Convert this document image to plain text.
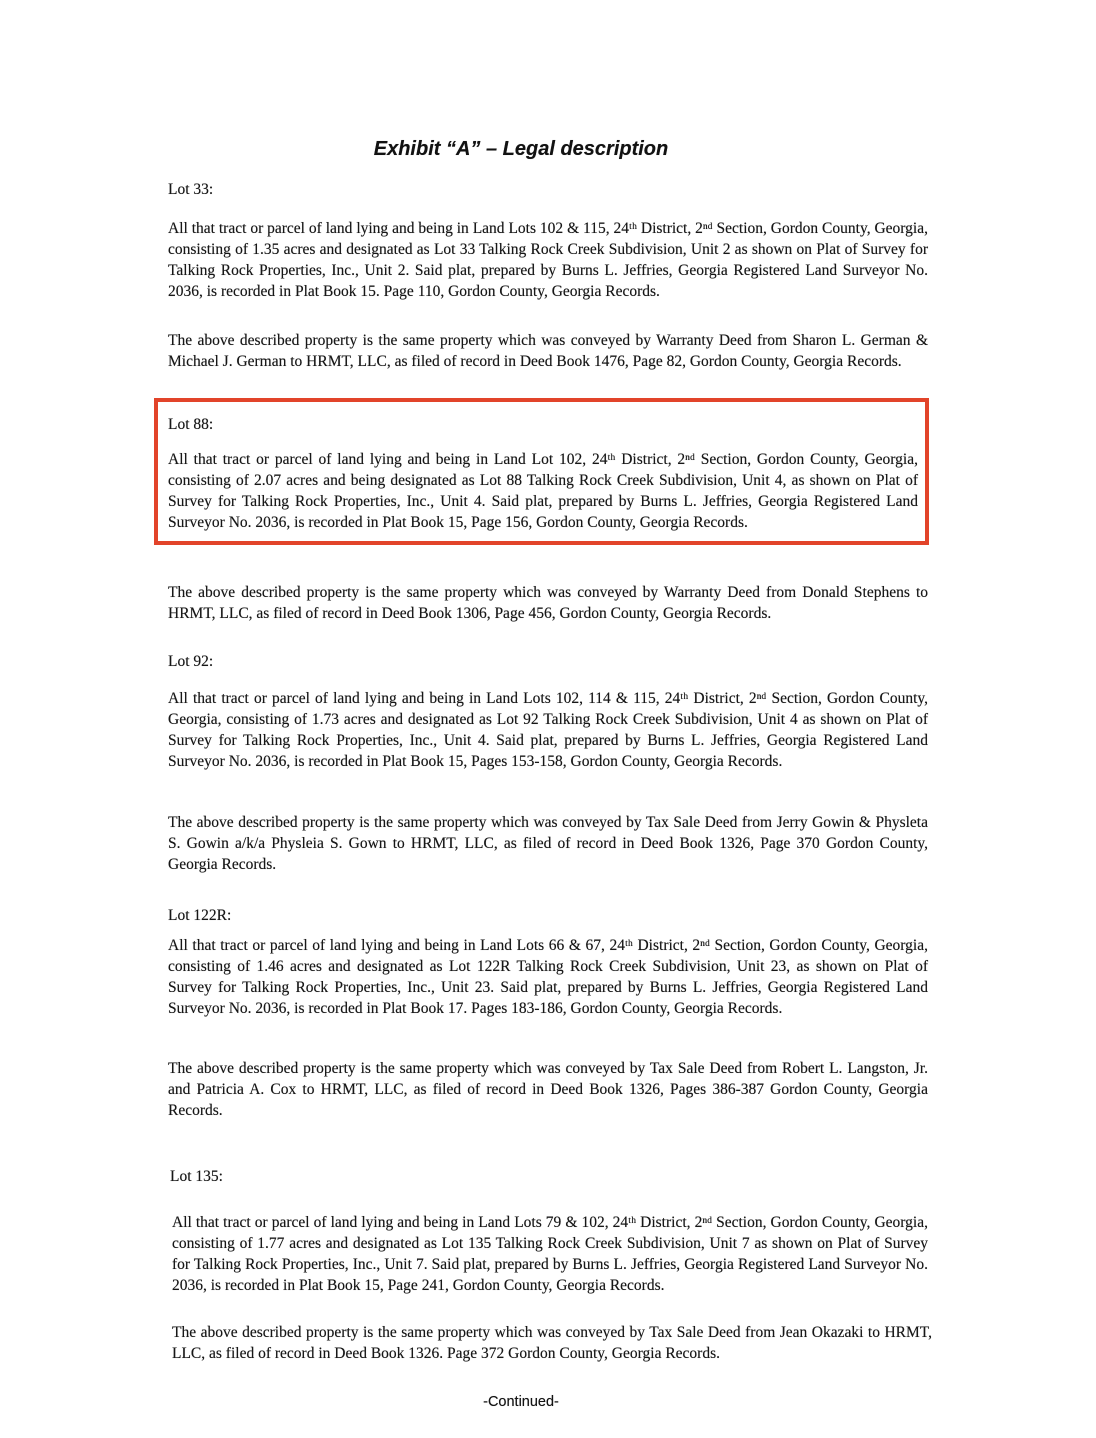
Exhibit “A” – Legal description
Lot 33:

All that tract or parcel of land lying and being in Land Lots 102 & 115, 24ᵗʰ District, 2ⁿᵈ Section, Gordon County, Georgia, consisting of 1.35 acres and designated as Lot 33 Talking Rock Creek Subdivision, Unit 2 as shown on Plat of Survey for Talking Rock Properties, Inc., Unit 2. Said plat, prepared by Burns L. Jeffries, Georgia Registered Land Surveyor No. 2036, is recorded in Plat Book 15. Page 110, Gordon County, Georgia Records.

The above described property is the same property which was conveyed by Warranty Deed from Sharon L. German & Michael J. German to HRMT, LLC, as filed of record in Deed Book 1476, Page 82, Gordon County, Georgia Records.

Lot 88:

All that tract or parcel of land lying and being in Land Lot 102, 24ᵗʰ District, 2ⁿᵈ Section, Gordon County, Georgia, consisting of 2.07 acres and being designated as Lot 88 Talking Rock Creek Subdivision, Unit 4, as shown on Plat of Survey for Talking Rock Properties, Inc., Unit 4. Said plat, prepared by Burns L. Jeffries, Georgia Registered Land Surveyor No. 2036, is recorded in Plat Book 15, Page 156, Gordon County, Georgia Records.

The above described property is the same property which was conveyed by Warranty Deed from Donald Stephens to HRMT, LLC, as filed of record in Deed Book 1306, Page 456, Gordon County, Georgia Records.

Lot 92:

All that tract or parcel of land lying and being in Land Lots 102, 114 & 115, 24ᵗʰ District, 2ⁿᵈ Section, Gordon County, Georgia, consisting of 1.73 acres and designated as Lot 92 Talking Rock Creek Subdivision, Unit 4 as shown on Plat of Survey for Talking Rock Properties, Inc., Unit 4. Said plat, prepared by Burns L. Jeffries, Georgia Registered Land Surveyor No. 2036, is recorded in Plat Book 15, Pages 153-158, Gordon County, Georgia Records.

The above described property is the same property which was conveyed by Tax Sale Deed from Jerry Gowin & Physleta S. Gowin a/k/a Physleia S. Gown to HRMT, LLC, as filed of record in Deed Book 1326, Page 370 Gordon County, Georgia Records.

Lot 122R:

All that tract or parcel of land lying and being in Land Lots 66 & 67, 24ᵗʰ District, 2ⁿᵈ Section, Gordon County, Georgia, consisting of 1.46 acres and designated as Lot 122R Talking Rock Creek Subdivision, Unit 23, as shown on Plat of Survey for Talking Rock Properties, Inc., Unit 23. Said plat, prepared by Burns L. Jeffries, Georgia Registered Land Surveyor No. 2036, is recorded in Plat Book 17. Pages 183-186, Gordon County, Georgia Records.

The above described property is the same property which was conveyed by Tax Sale Deed from Robert L. Langston, Jr. and Patricia A. Cox to HRMT, LLC, as filed of record in Deed Book 1326, Pages 386-387 Gordon County, Georgia Records.

Lot 135:

All that tract or parcel of land lying and being in Land Lots 79 & 102, 24ᵗʰ District, 2ⁿᵈ Section, Gordon County, Georgia, consisting of 1.77 acres and designated as Lot 135 Talking Rock Creek Subdivision, Unit 7 as shown on Plat of Survey for Talking Rock Properties, Inc., Unit 7. Said plat, prepared by Burns L. Jeffries, Georgia Registered Land Surveyor No. 2036, is recorded in Plat Book 15, Page 241, Gordon County, Georgia Records.

The above described property is the same property which was conveyed by Tax Sale Deed from Jean Okazaki to HRMT, LLC, as filed of record in Deed Book 1326. Page 372 Gordon County, Georgia Records.

-Continued-
